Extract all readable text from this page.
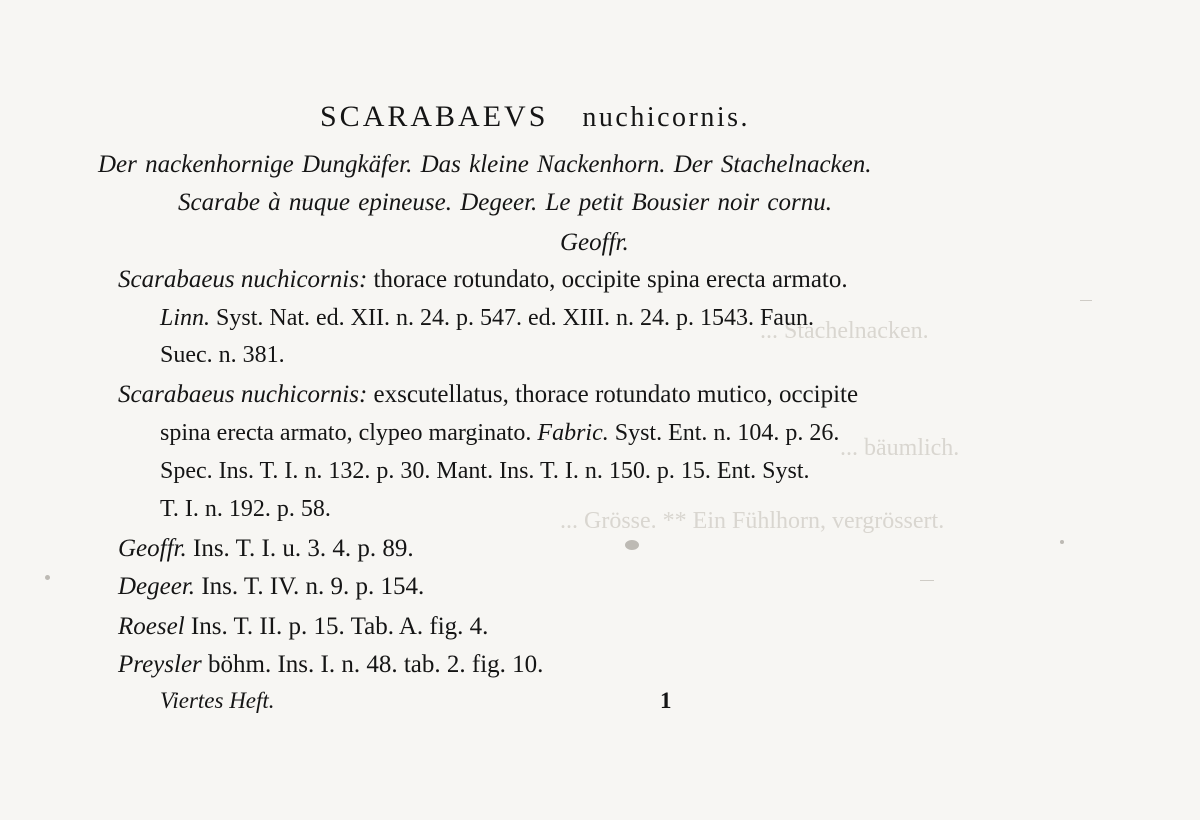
... Stachelnacken.
... bäumlich.
... Grösse. ** Ein Fühlhorn, vergrössert.
SCARABAEVS nuchicornis.
Der nackenhornige Dungkäfer. Das kleine Nackenhorn. Der Stachelnacken.
Scarabe à nuque epineuse. Degeer. Le petit Bousier noir cornu.
Geoffr.
Scarabaeus nuchicornis: thorace rotundato, occipite spina erecta armato.
Linn. Syst. Nat. ed. XII. n. 24. p. 547. ed. XIII. n. 24. p. 1543. Faun.
Suec. n. 381.
Scarabaeus nuchicornis: exscutellatus, thorace rotundato mutico, occipite
spina erecta armato, clypeo marginato. Fabric. Syst. Ent. n. 104. p. 26.
Spec. Ins. T. I. n. 132. p. 30. Mant. Ins. T. I. n. 150. p. 15. Ent. Syst.
T. I. n. 192. p. 58.
Geoffr. Ins. T. I. u. 3. 4. p. 89.
Degeer. Ins. T. IV. n. 9. p. 154.
Roesel Ins. T. II. p. 15. Tab. A. fig. 4.
Preysler böhm. Ins. I. n. 48. tab. 2. fig. 10.
Viertes Heft.	1
